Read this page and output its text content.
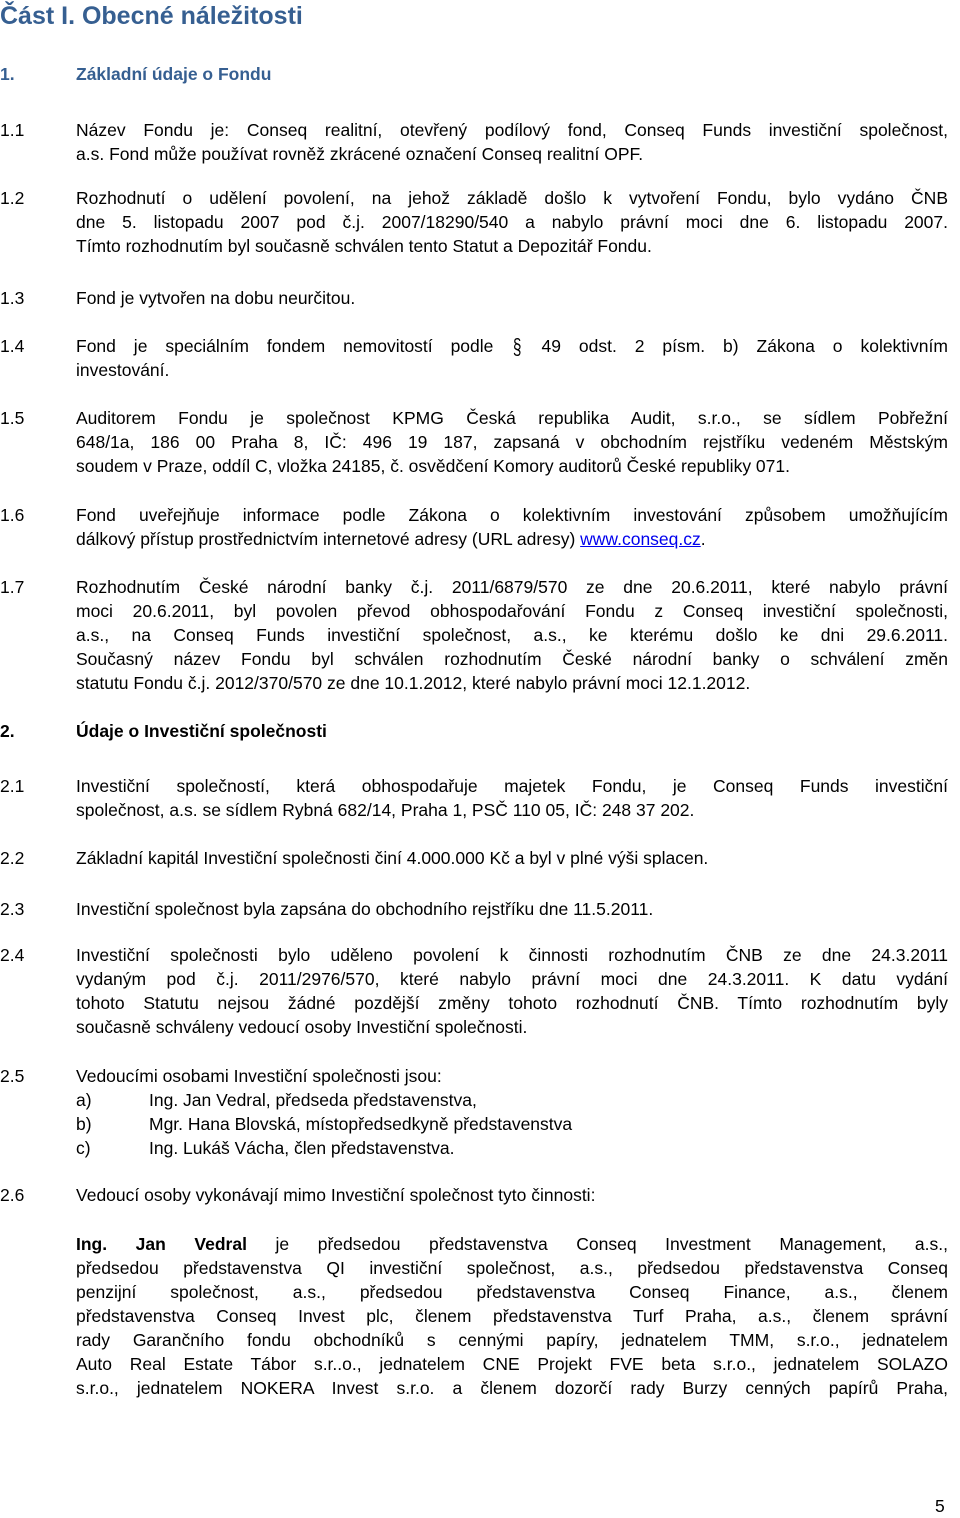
Část I. Obecné náležitosti
1.	Základní údaje o Fondu
1.1	Název Fondu je: Conseq realitní, otevřený podílový fond, Conseq Funds investiční společnost,
a.s. Fond může používat rovněž zkrácené označení Conseq realitní OPF.
1.2	Rozhodnutí o udělení povolení, na jehož základě došlo k vytvoření Fondu, bylo vydáno ČNB
dne 5. listopadu 2007 pod č.j. 2007/18290/540 a nabylo právní moci dne 6. listopadu 2007.
Tímto rozhodnutím byl současně schválen tento Statut a Depozitář Fondu.
1.3	Fond je vytvořen na dobu neurčitou.
1.4	Fond je speciálním fondem nemovitostí podle § 49 odst. 2 písm. b) Zákona o kolektivním
investování.
1.5	Auditorem Fondu je společnost KPMG Česká republika Audit, s.r.o., se sídlem Pobřežní
648/1a, 186 00 Praha 8, IČ: 496 19 187, zapsaná v obchodním rejstříku vedeném Městským
soudem v Praze, oddíl C, vložka 24185, č. osvědčení Komory auditorů České republiky 071.
1.6	Fond uveřejňuje informace podle Zákona o kolektivním investování způsobem umožňujícím
dálkový přístup prostřednictvím internetové adresy (URL adresy) www.conseq.cz.
1.7	Rozhodnutím České národní banky č.j. 2011/6879/570 ze dne 20.6.2011, které nabylo právní
moci 20.6.2011, byl povolen převod obhospodařování Fondu z Conseq investiční společnosti,
a.s., na Conseq Funds investiční společnost, a.s., ke kterému došlo ke dni 29.6.2011.
Současný název Fondu byl schválen rozhodnutím České národní banky o schválení změn
statutu Fondu č.j. 2012/370/570 ze dne 10.1.2012, které nabylo právní moci 12.1.2012.
2.	Údaje o Investiční společnosti
2.1	Investiční společností, která obhospodařuje majetek Fondu, je Conseq Funds investiční
společnost, a.s. se sídlem Rybná 682/14, Praha 1, PSČ 110 05, IČ: 248 37 202.
2.2	Základní kapitál Investiční společnosti činí 4.000.000 Kč a byl v plné výši splacen.
2.3	Investiční společnost byla zapsána do obchodního rejstříku dne 11.5.2011.
2.4	Investiční společnosti bylo uděleno povolení k činnosti rozhodnutím ČNB ze dne 24.3.2011
vydaným pod č.j. 2011/2976/570, které nabylo právní moci dne 24.3.2011. K datu vydání
tohoto Statutu nejsou žádné pozdější změny tohoto rozhodnutí ČNB. Tímto rozhodnutím byly
současně schváleny vedoucí osoby Investiční společnosti.
2.5	Vedoucími osobami Investiční společnosti jsou:
a)	Ing. Jan Vedral, předseda představenstva,
b)	Mgr. Hana Blovská, místopředsedkyně představenstva
c)	Ing. Lukáš Vácha, člen představenstva.
2.6	Vedoucí osoby vykonávají mimo Investiční společnost tyto činnosti:
Ing. Jan Vedral je předsedou představenstva Conseq Investment Management, a.s.,
předsedou představenstva QI investiční společnost, a.s., předsedou představenstva Conseq
penzijní společnost, a.s., předsedou představenstva Conseq Finance, a.s., členem
představenstva Conseq Invest plc, členem představenstva Turf Praha, a.s., členem správní
rady Garančního fondu obchodníků s cennými papíry, jednatelem TMM, s.r.o., jednatelem
Auto Real Estate Tábor s.r..o., jednatelem CNE Projekt FVE beta s.r.o., jednatelem SOLAZO
s.r.o., jednatelem NOKERA Invest s.r.o. a členem dozorčí rady Burzy cenných papírů Praha,
5
